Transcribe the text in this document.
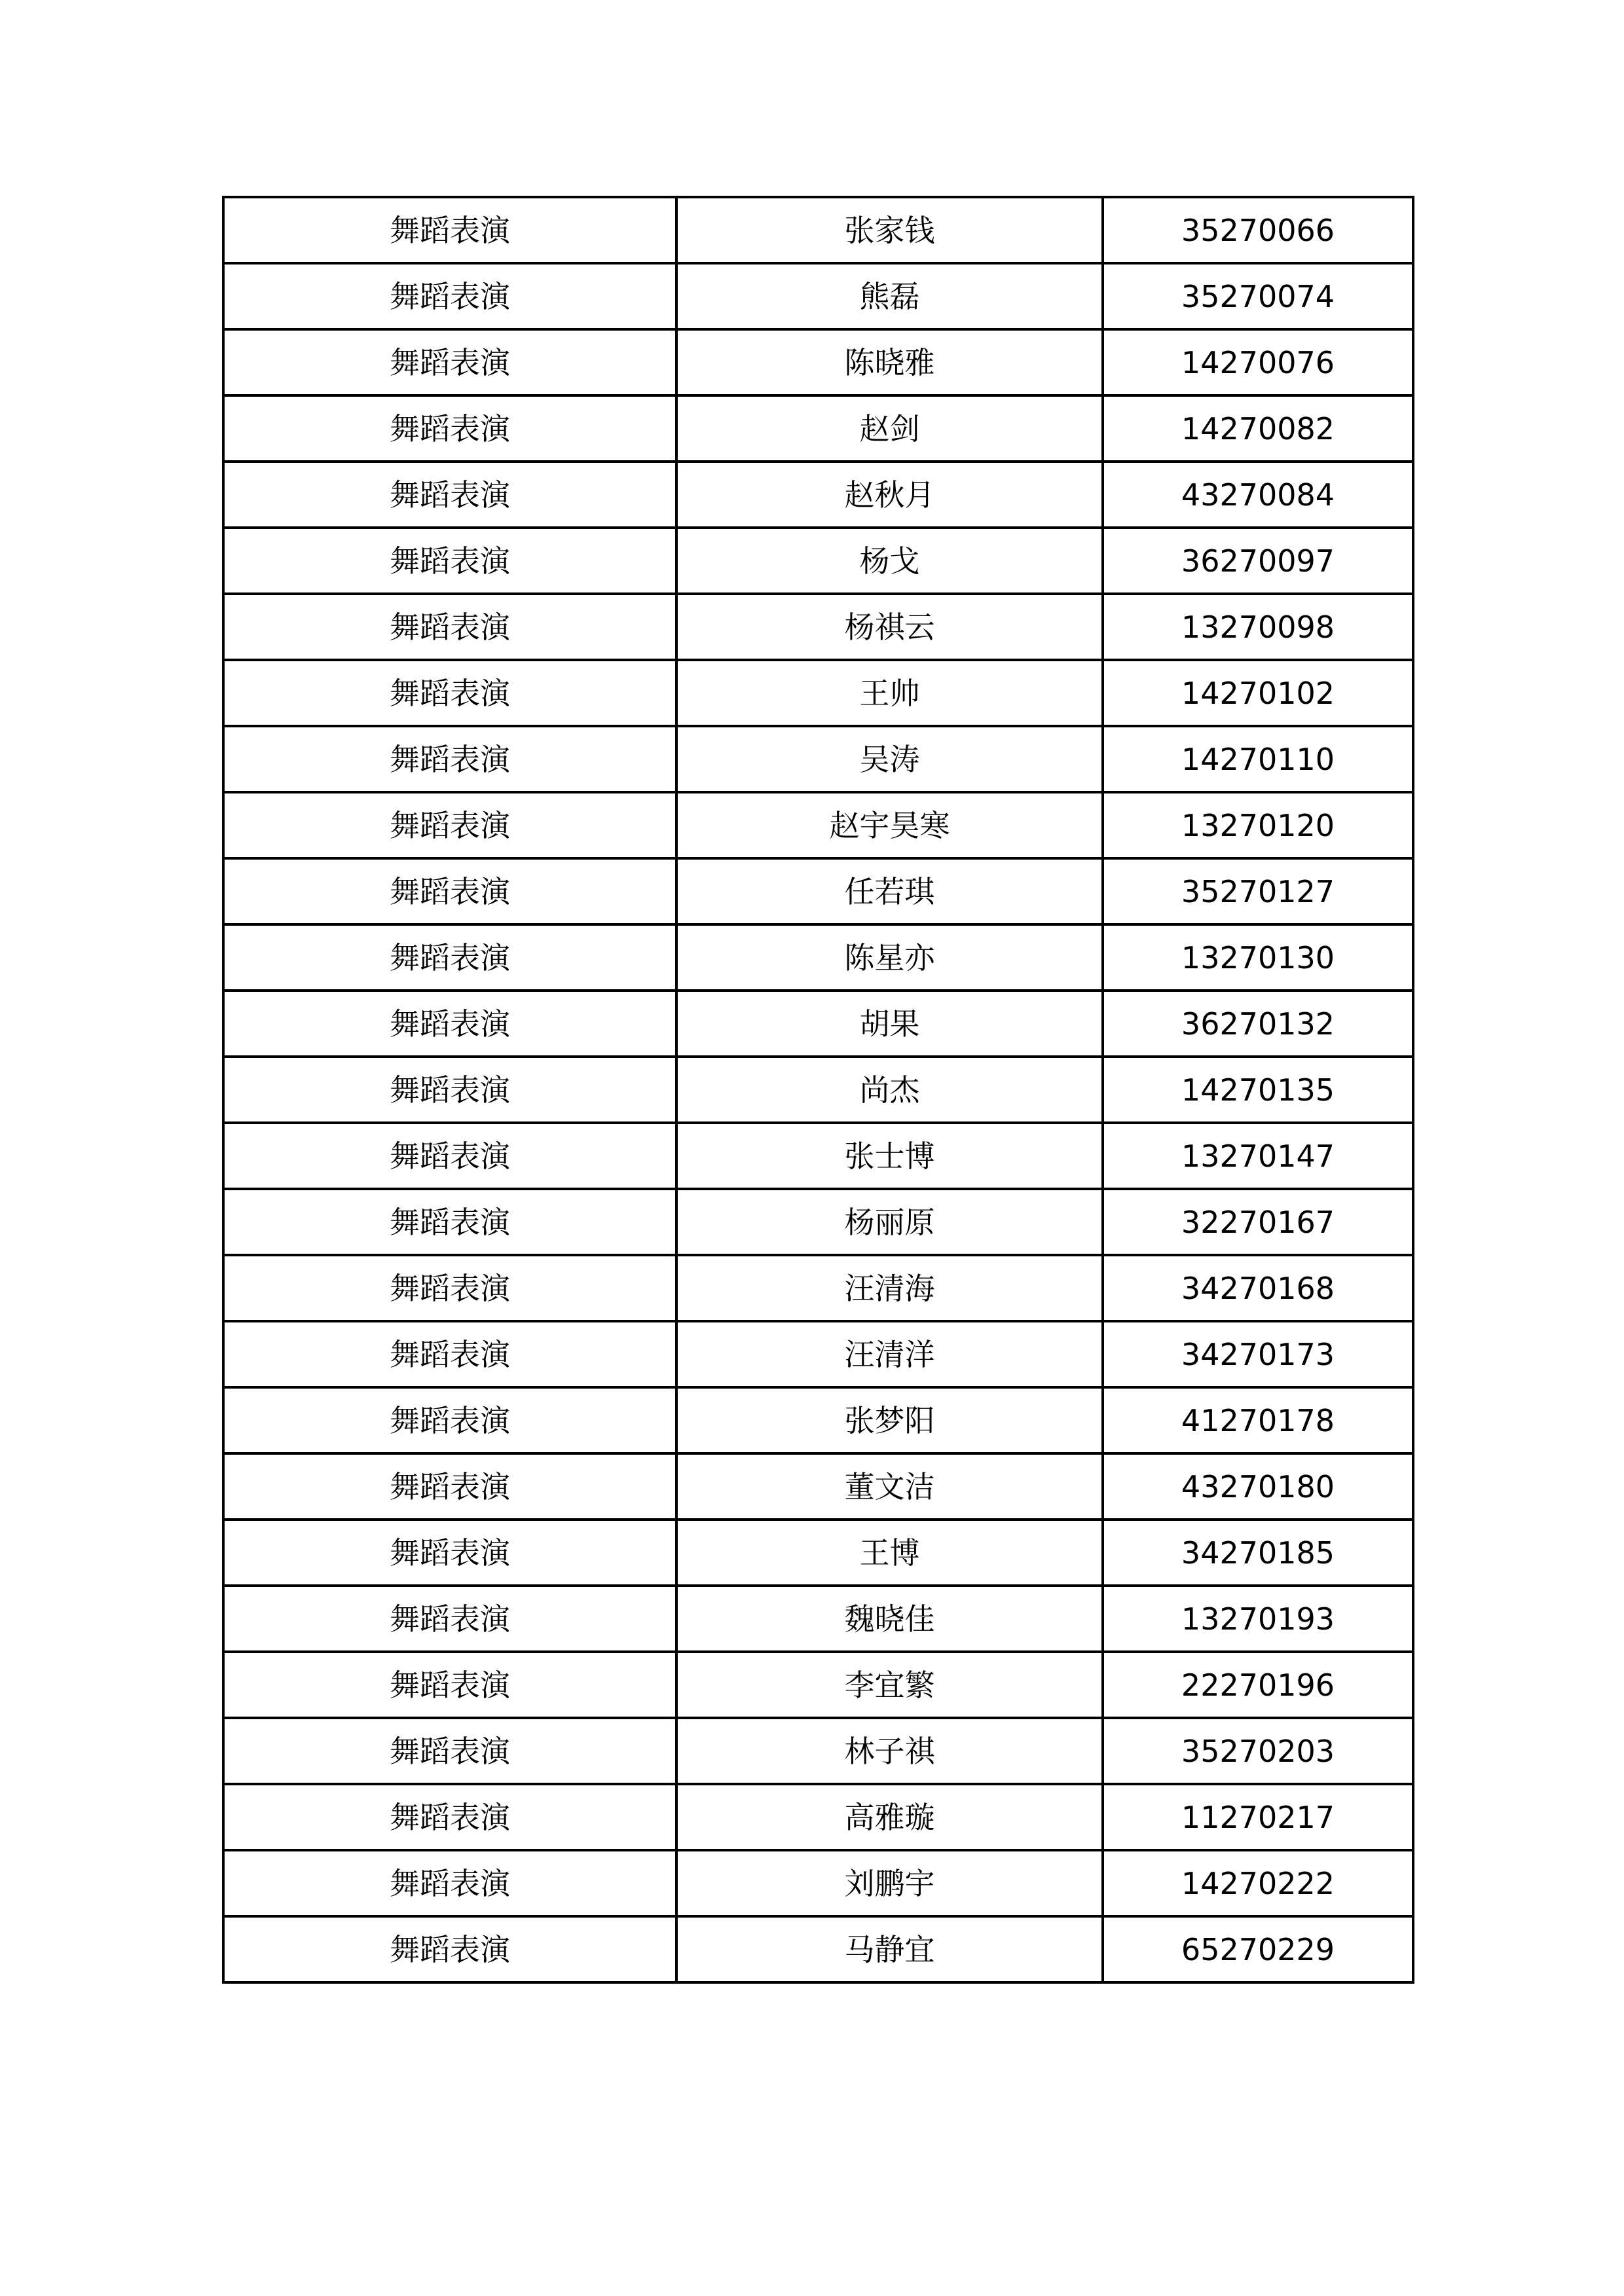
舞蹈表演	张家钱	35270066
舞蹈表演	熊磊	35270074
舞蹈表演	陈晓雅	14270076
舞蹈表演	赵剑	14270082
舞蹈表演	赵秋月	43270084
舞蹈表演	杨戈	36270097
舞蹈表演	杨祺云	13270098
舞蹈表演	王帅	14270102
舞蹈表演	吴涛	14270110
舞蹈表演	赵宇昊寒	13270120
舞蹈表演	任若琪	35270127
舞蹈表演	陈星亦	13270130
舞蹈表演	胡果	36270132
舞蹈表演	尚杰	14270135
舞蹈表演	张士博	13270147
舞蹈表演	杨丽原	32270167
舞蹈表演	汪清海	34270168
舞蹈表演	汪清洋	34270173
舞蹈表演	张梦阳	41270178
舞蹈表演	董文洁	43270180
舞蹈表演	王博	34270185
舞蹈表演	魏晓佳	13270193
舞蹈表演	李宜繁	22270196
舞蹈表演	林子祺	35270203
舞蹈表演	高雅璇	11270217
舞蹈表演	刘鹏宇	14270222
舞蹈表演	马静宜	65270229
